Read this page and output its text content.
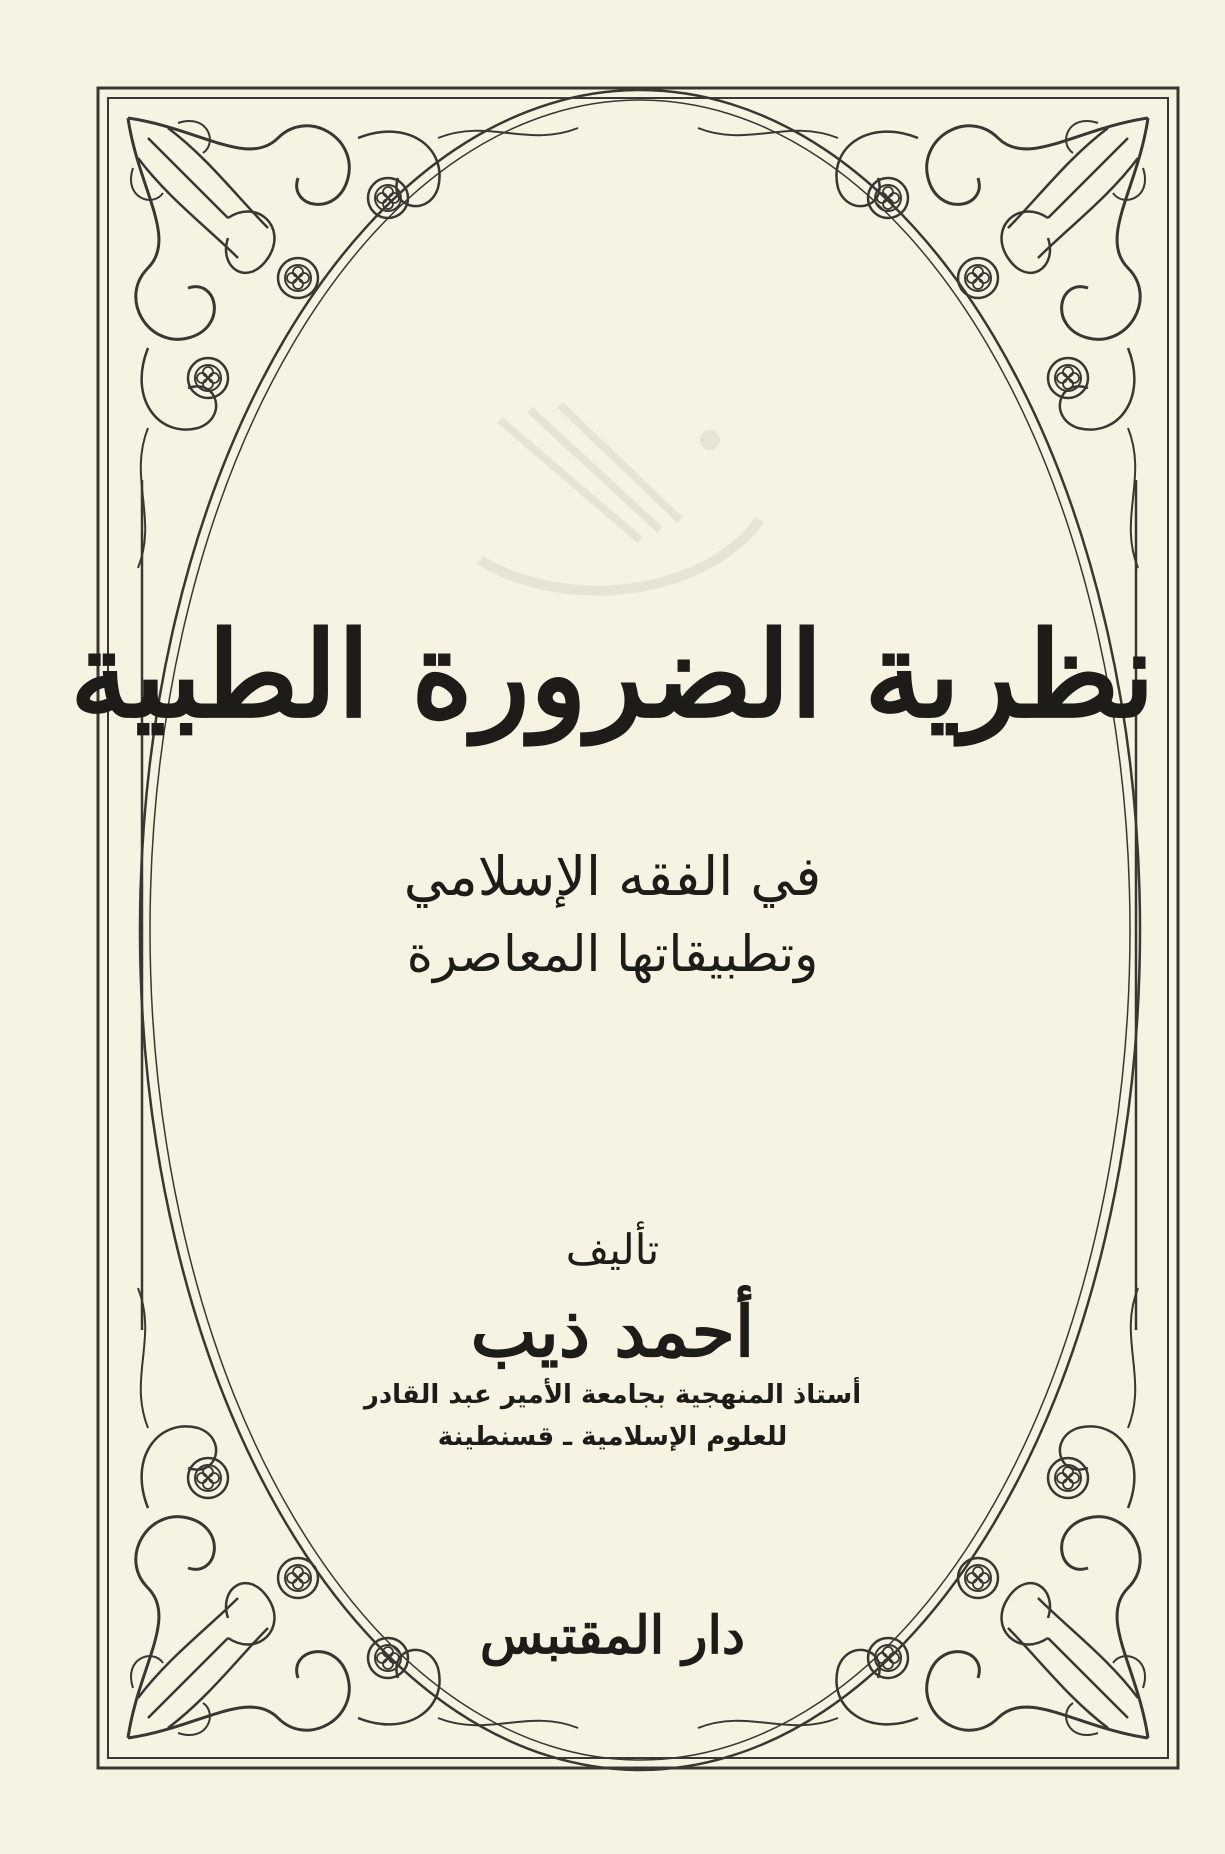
نظرية الضرورة الطبية
في الفقه الإسلامي
وتطبيقاتها المعاصرة
تأليف
أحمد ذيب
أستاذ المنهجية بجامعة الأمير عبد القادر
للعلوم الإسلامية ـ قسنطينة
دار المقتبس
